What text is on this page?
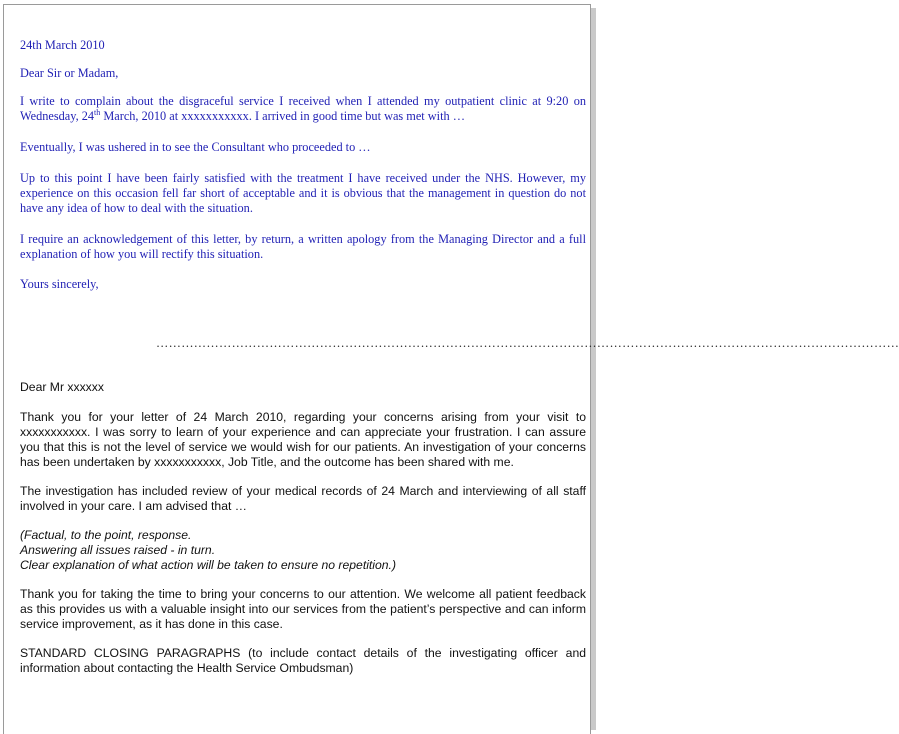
24th March 2010

Dear Sir or Madam,

I write to complain about the disgraceful service I received when I attended my outpatient clinic at 9:20 on Wednesday, 24th March, 2010 at xxxxxxxxxxx. I arrived in good time but was met with …

Eventually, I was ushered in to see the Consultant who proceeded to …

Up to this point I have been fairly satisfied with the treatment I have received under the NHS. However, my experience on this occasion fell far short of acceptable and it is obvious that the management in question do not have any idea of how to deal with the situation.

I require an acknowledgement of this letter, by return, a written apology from the Managing Director and a full explanation of how you will rectify this situation.

Yours sincerely,

……………………………………………………………………………………………………………………………………………………………

Dear Mr xxxxxx

Thank you for your letter of 24 March 2010, regarding your concerns arising from your visit to xxxxxxxxxxx. I was sorry to learn of your experience and can appreciate your frustration. I can assure you that this is not the level of service we would wish for our patients. An investigation of your concerns has been undertaken by xxxxxxxxxxx, Job Title, and the outcome has been shared with me.

The investigation has included review of your medical records of 24 March and interviewing of all staff involved in your care. I am advised that …

(Factual, to the point, response.

Answering all issues raised - in turn.

Clear explanation of what action will be taken to ensure no repetition.)

Thank you for taking the time to bring your concerns to our attention. We welcome all patient feedback as this provides us with a valuable insight into our services from the patient’s perspective and can inform service improvement, as it has done in this case.

STANDARD CLOSING PARAGRAPHS (to include contact details of the investigating officer and information about contacting the Health Service Ombudsman)
